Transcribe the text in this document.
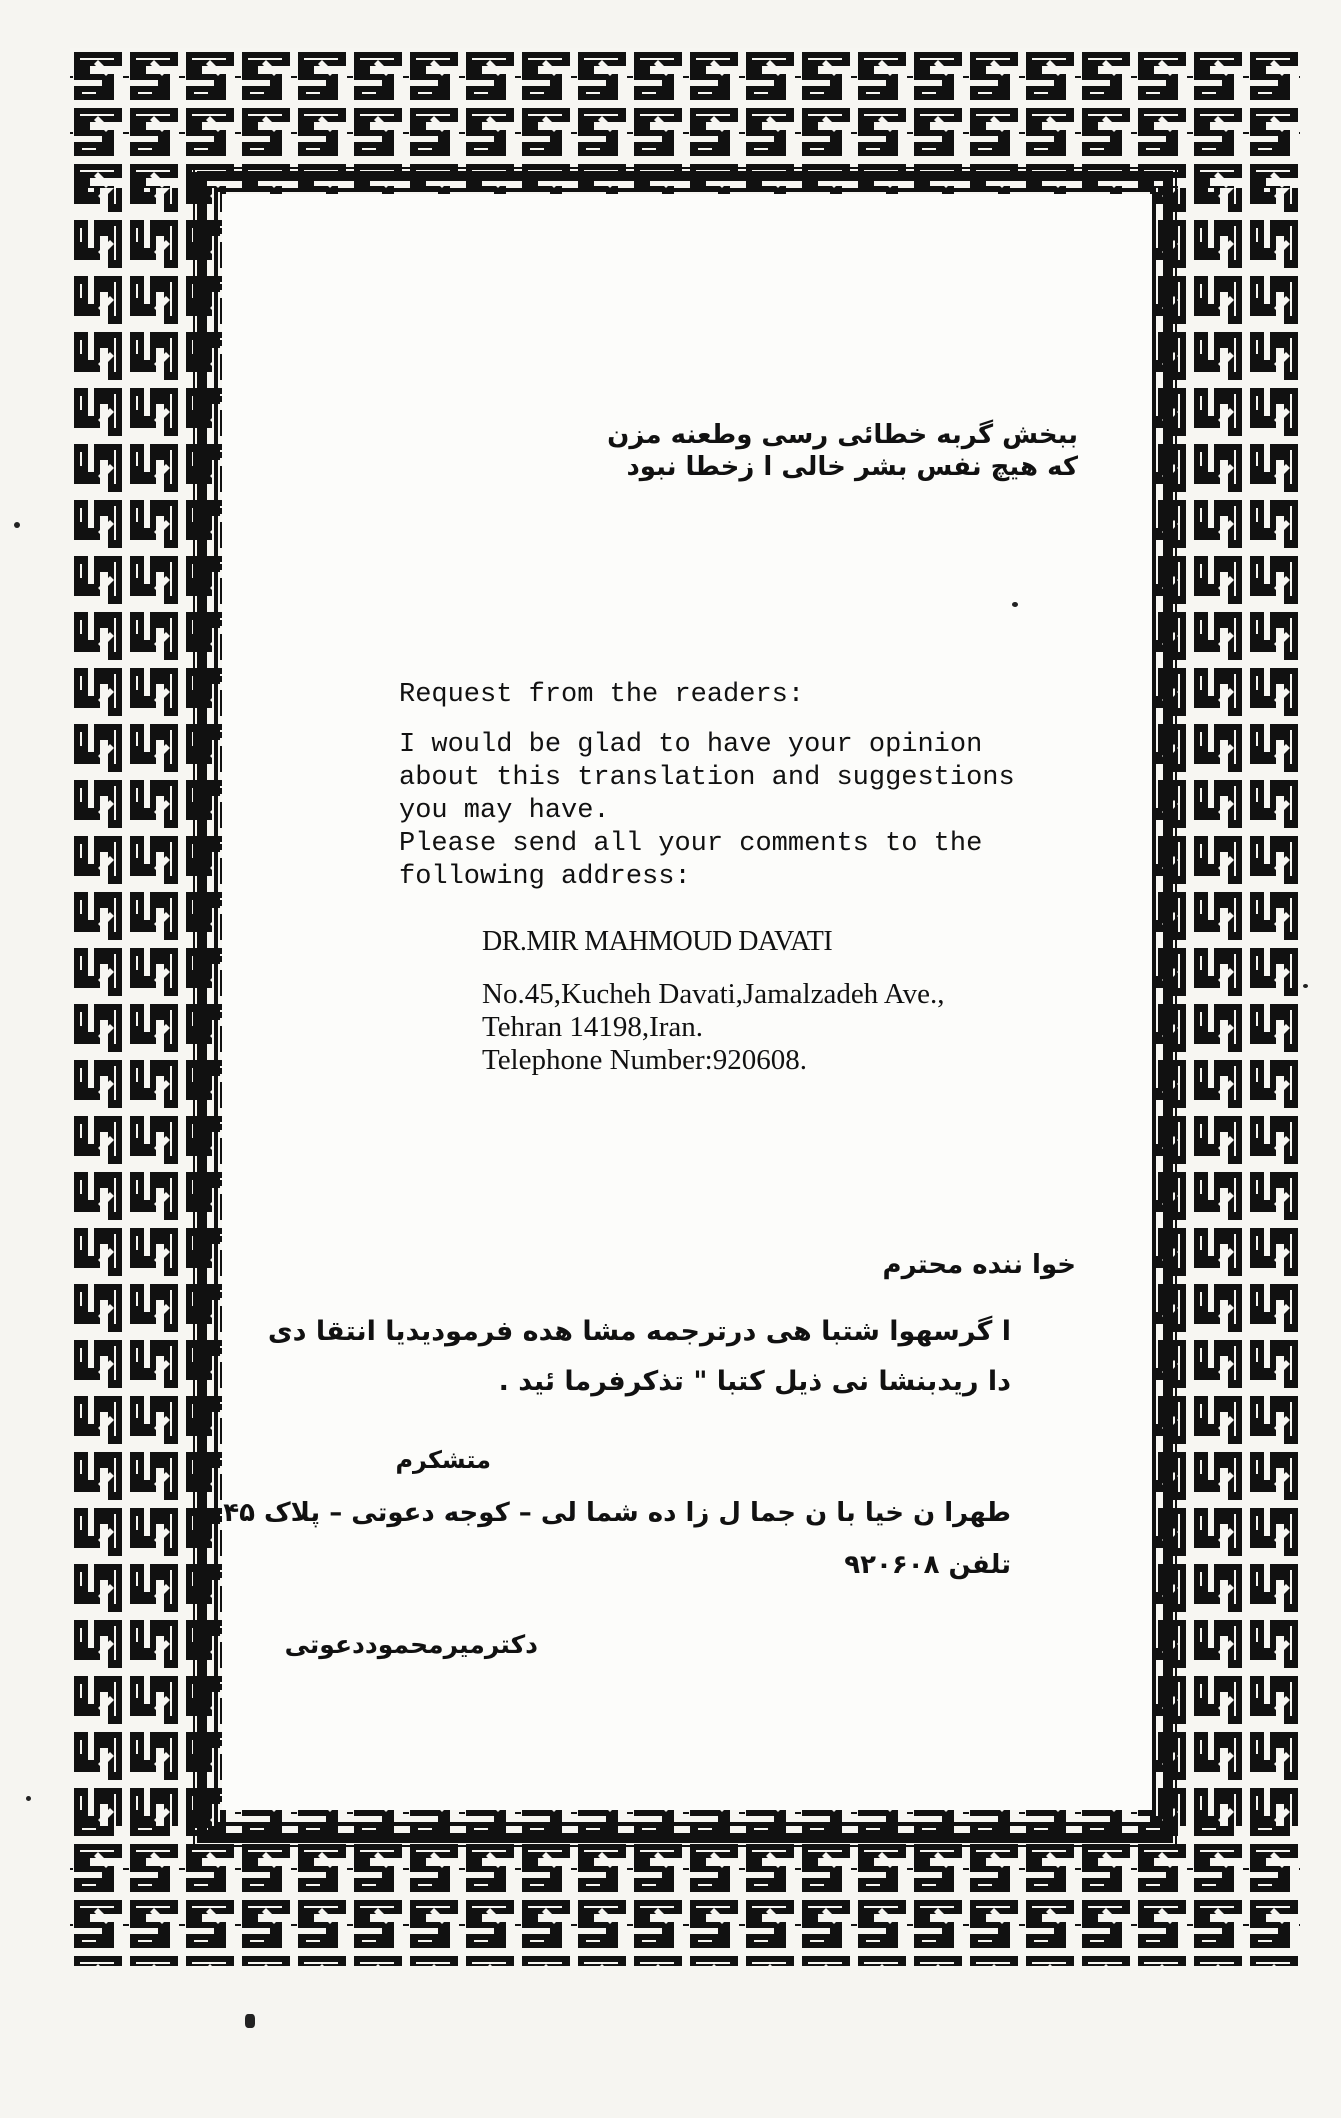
ببخش گربه خطائی رسی وطعنه مزن
که هیچ نفس بشر خالی ا زخطا نبود
Request from the readers:
I would be glad to have your opinion
about this translation and suggestions
you may have.
Please send all your comments to the
following address:
DR.MIR MAHMOUD DAVATI
No.45,Kucheh Davati,Jamalzadeh Ave.,
Tehran 14198,Iran.
Telephone Number:920608.
خوا ننده محترم
ا گرسهوا شتبا هی درترجمه مشا هده فرمودیدیا انتقا دی
دا ریدبنشا نی ذیل کتبا " تذکرفرما ئید .
متشکرم
طهرا ن خیا با ن جما ل زا ده شما لی – کوجه دعوتی – پلاک ۴۵
تلفن ۹۲۰۶۰۸
دکترمیرمحموددعوتی
